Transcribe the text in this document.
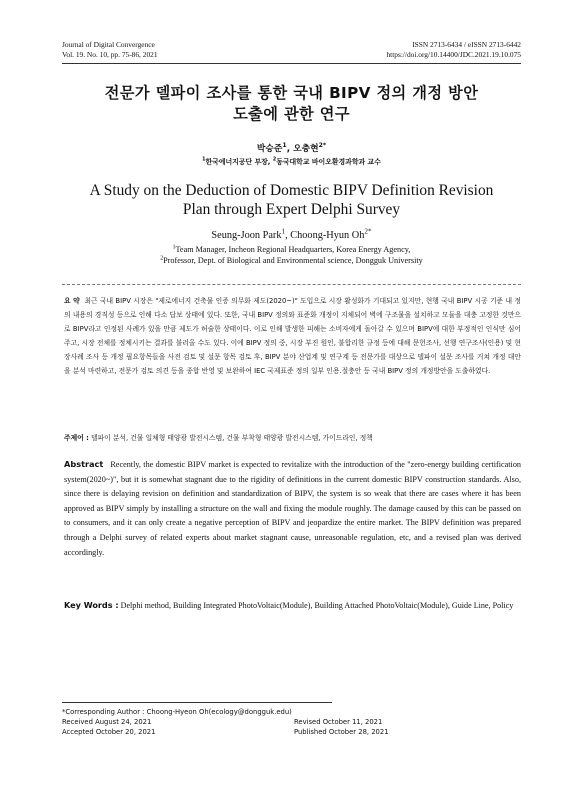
Journal of Digital Convergence
Vol. 19. No. 10, pp. 75-86, 2021
ISSN 2713-6434 / eISSN 2713-6442
https://doi.org/10.14400/JDC.2021.19.10.075
전문가 델파이 조사를 통한 국내 BIPV 정의 개정 방안
도출에 관한 연구
박승준$^1$, 오충현$^{2*}$
$^1$한국에너지공단 부장, $^2$동국대학교 바이오환경과학과 교수
A Study on the Deduction of Domestic BIPV Definition Revision
Plan through Expert Delphi Survey
Seung-Joon Park$^1$, Choong-Hyun $Oh^{2*}$
$^1$Team Manager, Incheon Regional Headquarters, Korea Energy Agency,
$^2$Professor, Dept. of Biological and Environmental science, Dongguk University
요 약 최근 국내 BIPV 시장은 "제로에너지 건축물 인증 의무화 제도(2020~)" 도입으로 시장 활성화가 기대되고 있지만, 현행 국내 BIPV 시공 기준 내 정의 내용의 경직성 등으로 인해 다소 답보 상태에 있다. 또한, 국내 BIPV 정의와 표준화 개정이 지체되어 벽에 구조물을 설치하고 모듈을 대충 고정한 것만으로 BIPV라고 인정된 사례가 있을 만큼 제도가 허술한 상태이다. 이로 인해 발생한 피해는 소비자에게 돌아갈 수 있으며 BIPV에 대한 부정적인 인식만 심어주고, 시장 전체를 정체시키는 결과를 불러올 수도 있다. 이에 BIPV 정의 중, 시장 부진 원인, 불합리한 규정 등에 대해 문헌조사, 선행 연구조사(인용) 및 현장사례 조사 등 개정 필요항목들을 사전 검토 및 설문 항목 검토 후, BIPV 분야 산업계 및 연구계 등 전문가를 대상으로 델파이 설문 조사를 거쳐 개정 대안을 분석 마련하고, 전문가 검토 의견 등을 종합 반영 및 보완하여 IEC 국제표준 정의 일부 인용.절충안 등 국내 BIPV 정의 개정방안을 도출하였다.
주제어 : 델파이 분석, 건물 일체형 태양광 발전시스템, 건물 부착형 태양광 발전시스템, 가이드라인, 정책
Abstract Recently, the domestic BIPV market is expected to revitalize with the introduction of the "zero-energy building certification system(2020~)", but it is somewhat stagnant due to the rigidity of definitions in the current domestic BIPV construction standards. Also, since there is delaying revision on definition and standardization of BIPV, the system is so weak that there are cases where it has been approved as BIPV simply by installing a structure on the wall and fixing the module roughly. The damage caused by this can be passed on to consumers, and it can only create a negative perception of BIPV and jeopardize the entire market. The BIPV definition was prepared through a Delphi survey of related experts about market stagnant cause, unreasonable regulation, etc, and a revised plan was derived accordingly.
Key Words : Delphi method, Building Integrated PhotoVoltaic(Module), Building Attached PhotoVoltaic(Module), Guide Line, Policy
*Corresponding Author : Choong-Hyeon Oh(ecology@dongguk.edu)
Received August 24, 2021	Revised October 11, 2021
Accepted October 20, 2021	Published October 28, 2021
